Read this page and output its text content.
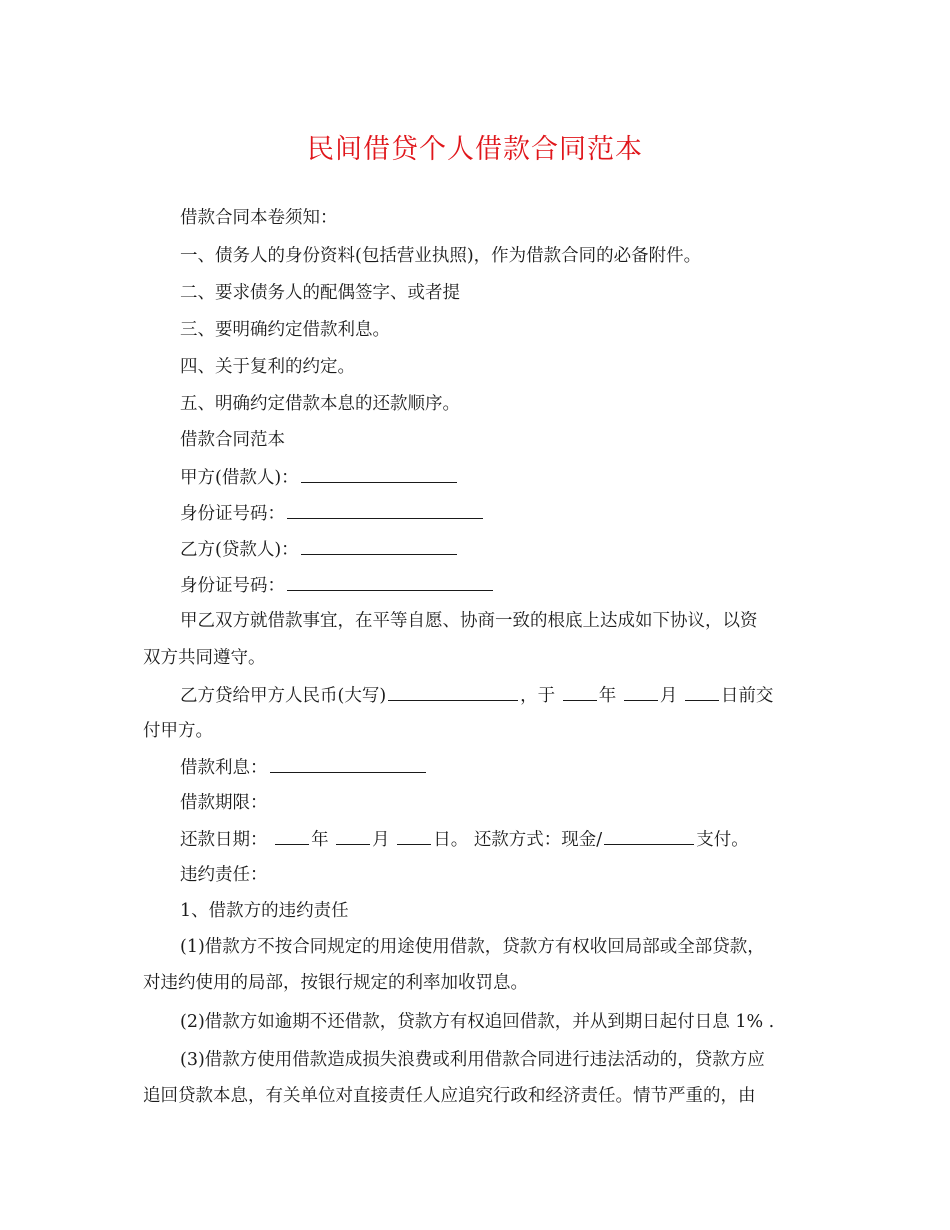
民间借贷个人借款合同范本
借款合同本卷须知：
一、债务人的身份资料(包括营业执照)，作为借款合同的必备附件。
二、要求债务人的配偶签字、或者提
三、要明确约定借款利息。
四、关于复利的约定。
五、明确约定借款本息的还款顺序。
借款合同范本
甲方(借款人)：
身份证号码：
乙方(贷款人)：
身份证号码：
甲乙双方就借款事宜，在平等自愿、协商一致的根底上达成如下协议，以资
双方共同遵守。
乙方贷给甲方人民币(大写)	，于 年 月 日前交
付甲方。
借款利息：
借款期限：
还款日期： 年 月 日。 还款方式：现金/	支付。
违约责任：
1、借款方的违约责任
(1)借款方不按合同规定的用途使用借款，贷款方有权收回局部或全部贷款，
对违约使用的局部，按银行规定的利率加收罚息。
(2)借款方如逾期不还借款，贷款方有权追回借款，并从到期日起付日息 1% .
(3)借款方使用借款造成损失浪费或利用借款合同进行违法活动的，贷款方应
追回贷款本息，有关单位对直接责任人应追究行政和经济责任。情节严重的，由
